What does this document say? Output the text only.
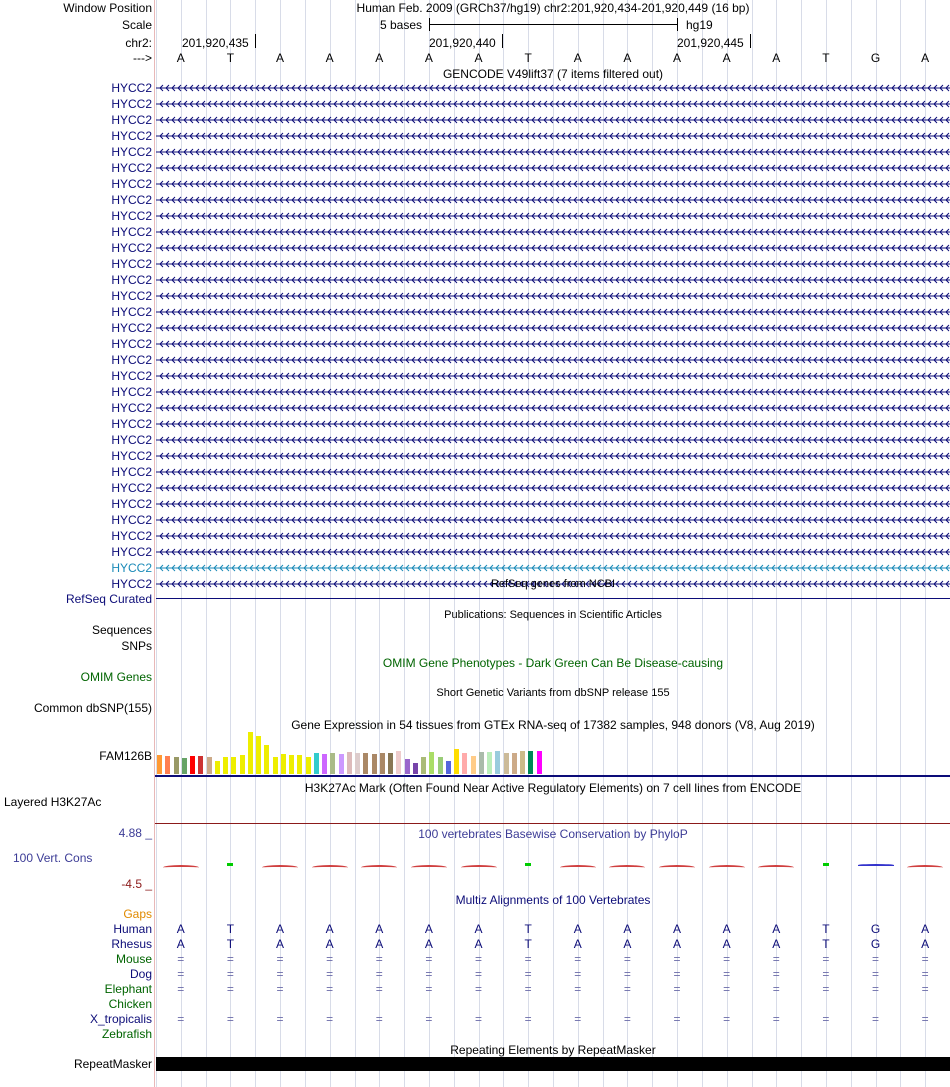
Window Position	Human Feb. 2009 (GRCh37/hg19) chr2:201,920,434-201,920,449 (16 bp)
Scale	5 bases	hg19
chr2:	201,920,435	201,920,440	201,920,445
--->	A	T	A	A	A	A	A	T	A	A	A	A	A	T	G	A
GENCODE V49lift37 (7 items filtered out)
HYCC2
HYCC2
HYCC2
HYCC2
HYCC2
HYCC2
HYCC2
HYCC2
HYCC2
HYCC2
HYCC2
HYCC2
HYCC2
HYCC2
HYCC2
HYCC2
HYCC2
HYCC2
HYCC2
HYCC2
HYCC2
HYCC2
HYCC2
HYCC2
HYCC2
HYCC2
HYCC2
HYCC2
HYCC2
HYCC2
HYCC2
HYCC2	RefSeq genes from NCBI
RefSeq Curated
Publications: Sequences in Scientific Articles
Sequences
SNPs
OMIM Gene Phenotypes - Dark Green Can Be Disease-causing
OMIM Genes
Short Genetic Variants from dbSNP release 155
Common dbSNP(155)
Gene Expression in 54 tissues from GTEx RNA-seq of 17382 samples, 948 donors (V8, Aug 2019)
FAM126B
H3K27Ac Mark (Often Found Near Active Regulatory Elements) on 7 cell lines from ENCODE
Layered H3K27Ac
100 vertebrates Basewise Conservation by PhyloP
4.88 _
100 Vert. Cons
-4.5 _
Multiz Alignments of 100 Vertebrates
Gaps
Human	A	T	A	A	A	A	A	T	A	A	A	A	A	T	G	A
Rhesus	A	T	A	A	A	A	A	T	A	A	A	A	A	T	G	A
Mouse	=	=	=	=	=	=	=	=	=	=	=	=	=	=	=	=
Dog	=	=	=	=	=	=	=	=	=	=	=	=	=	=	=	=
Elephant	=	=	=	=	=	=	=	=	=	=	=	=	=	=	=	=
Chicken
X_tropicalis	=	=	=	=	=	=	=	=	=	=	=	=	=	=	=	=
Zebrafish
Repeating Elements by RepeatMasker
RepeatMasker
